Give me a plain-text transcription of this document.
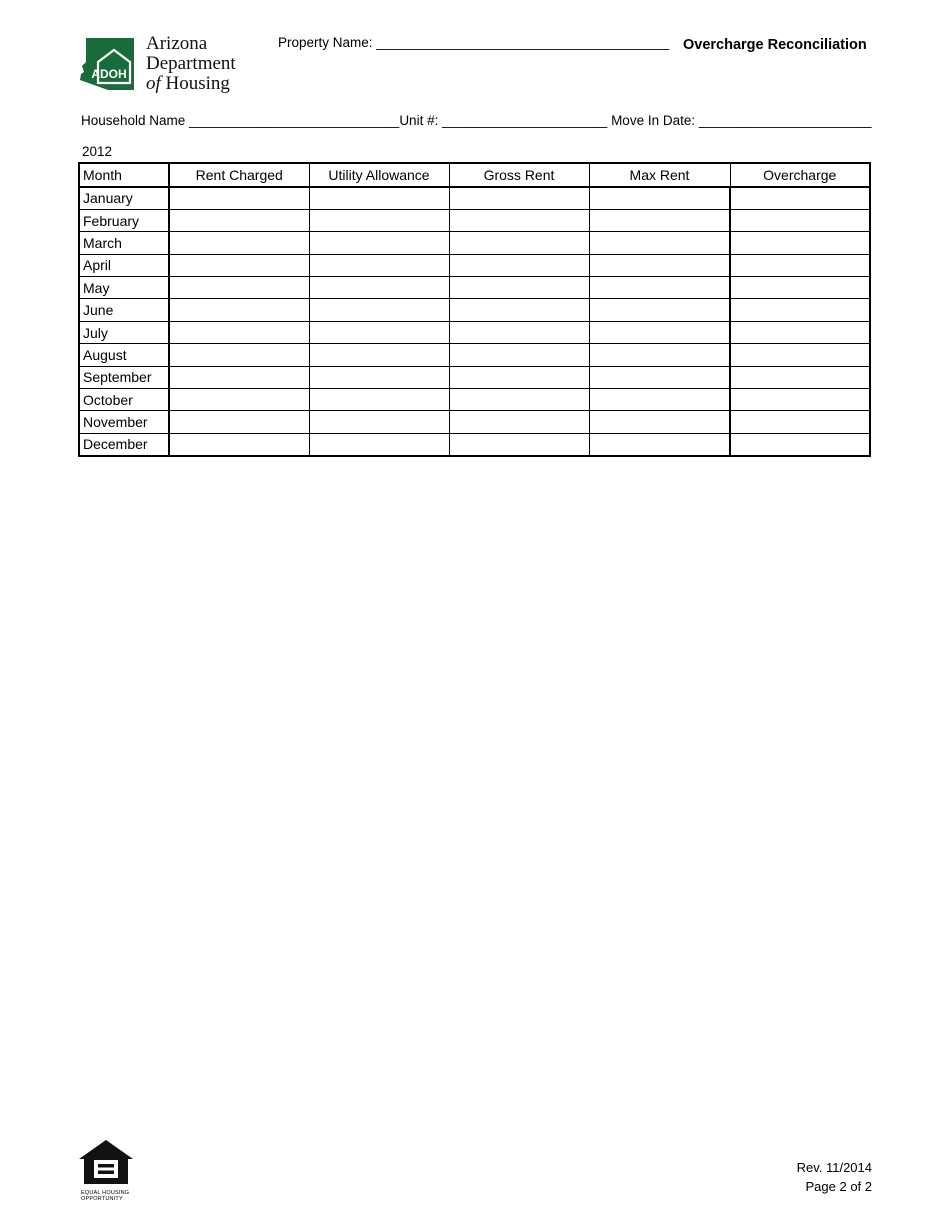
ADOH
Arizona
Department
of Housing
Property Name: _______________________________________ Overcharge Reconciliation
Household Name ____________________________Unit #: ______________________ Move In Date: _______________________
2012
Month	Rent Charged	Utility Allowance	Gross Rent	Max Rent	Overcharge
January					
February					
March					
April					
May					
June					
July					
August					
September					
October					
November					
December					
EQUAL HOUSING
OPPORTUNITY
Rev. 11/2014
Page 2 of 2
